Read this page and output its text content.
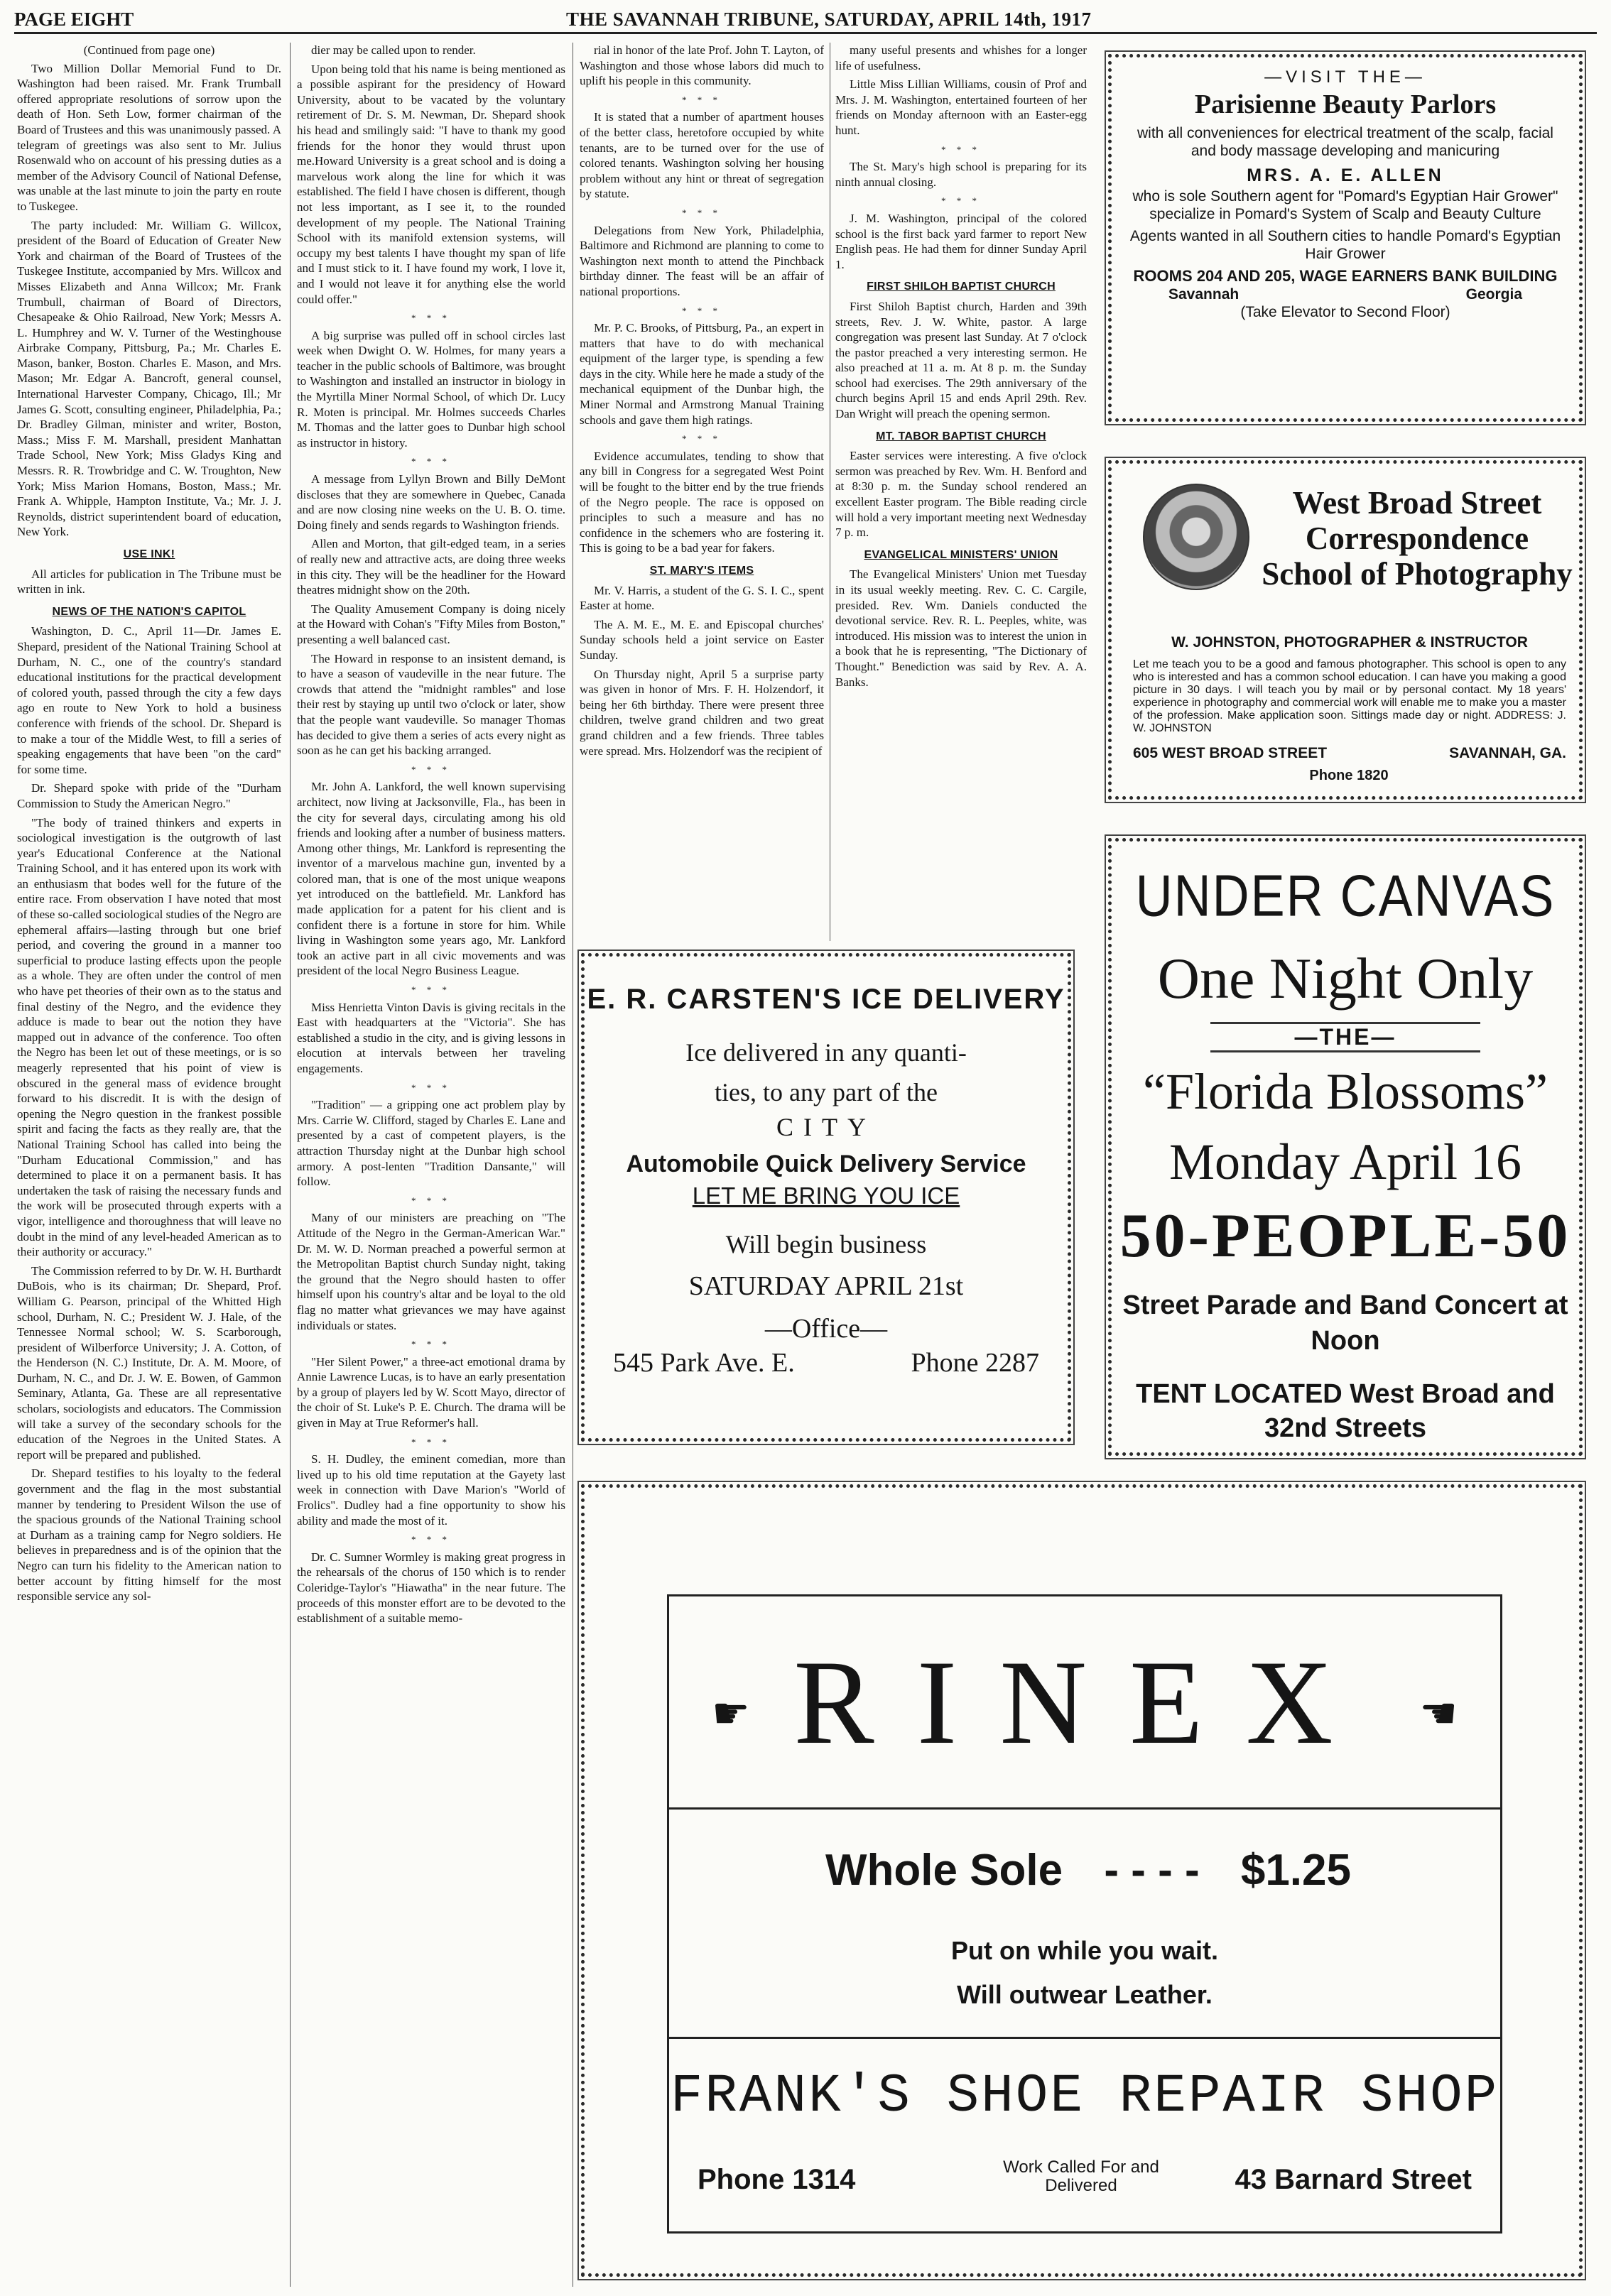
PAGE EIGHT	THE SAVANNAH TRIBUNE, SATURDAY, APRIL 14th, 1917

(Continued from page one)

Two Million Dollar Memorial Fund to Dr. Washington had been raised. Mr. Frank Trumball offered appropriate resolutions of sorrow upon the death of Hon. Seth Low, former chairman of the Board of Trustees and this was unanimously passed. A telegram of greetings was also sent to Mr. Julius Rosenwald who on account of his pressing duties as a member of the Advisory Council of National Defense, was unable at the last minute to join the party en route to Tuskegee.

The party included: Mr. William G. Willcox, president of the Board of Education of Greater New York and chairman of the Board of Trustees of the Tuskegee Institute, accompanied by Mrs. Willcox and Misses Elizabeth and Anna Willcox; Mr. Frank Trumbull, chairman of Board of Directors, Chesapeake & Ohio Railroad, New York; Messrs A. L. Humphrey and W. V. Turner of the Westinghouse Airbrake Company, Pittsburg, Pa.; Mr. Charles E. Mason, banker, Boston. Charles E. Mason, and Mrs. Mason; Mr. Edgar A. Bancroft, general counsel, International Harvester Company, Chicago, Ill.; Mr James G. Scott, consulting engineer, Philadelphia, Pa.; Dr. Bradley Gilman, minister and writer, Boston, Mass.; Miss F. M. Marshall, president Manhattan Trade School, New York; Miss Gladys King and Messrs. R. R. Trowbridge and C. W. Troughton, New York; Miss Marion Homans, Boston, Mass.; Mr. Frank A. Whipple, Hampton Institute, Va.; Mr. J. J. Reynolds, district superintendent board of education, New York.

USE INK!

All articles for publication in The Tribune must be written in ink.

NEWS OF THE NATION'S CAPITOL

Washington, D. C., April 11—Dr. James E. Shepard, president of the National Training School at Durham, N. C., one of the country's standard educational institutions for the practical development of colored youth, passed through the city a few days ago en route to New York to hold a business conference with friends of the school. Dr. Shepard is to make a tour of the Middle West, to fill a series of speaking engagements that have been "on the card" for some time.

Dr. Shepard spoke with pride of the "Durham Commission to Study the American Negro."

"The body of trained thinkers and experts in sociological investigation is the outgrowth of last year's Educational Conference at the National Training School, and it has entered upon its work with an enthusiasm that bodes well for the future of the entire race. From observation I have noted that most of these so-called sociological studies of the Negro are ephemeral affairs—lasting through but one brief period, and covering the ground in a manner too superficial to produce lasting effects upon the people as a whole. They are often under the control of men who have pet theories of their own as to the status and final destiny of the Negro, and the evidence they adduce is made to bear out the notion they have mapped out in advance of the conference. Too often the Negro has been let out of these meetings, or is so meagerly represented that his point of view is obscured in the general mass of evidence brought forward to his discredit. It is with the design of opening the Negro question in the frankest possible spirit and facing the facts as they really are, that the National Training School has called into being the "Durham Educational Commission," and has determined to place it on a permanent basis. It has undertaken the task of raising the necessary funds and the work will be prosecuted through experts with a vigor, intelligence and thoroughness that will leave no doubt in the mind of any level-headed American as to their authority or accuracy."

The Commission referred to by Dr. W. H. Burthardt DuBois, who is its chairman; Dr. Shepard, Prof. William G. Pearson, principal of the Whitted High school, Durham, N. C.; President W. J. Hale, of the Tennessee Normal school; W. S. Scarborough, president of Wilberforce University; J. A. Cotton, of the Henderson (N. C.) Institute, Dr. A. M. Moore, of Durham, N. C., and Dr. J. W. E. Bowen, of Gammon Seminary, Atlanta, Ga. These are all representative scholars, sociologists and educators. The Commission will take a survey of the secondary schools for the education of the Negroes in the United States. A report will be prepared and published.

Dr. Shepard testifies to his loyalty to the federal government and the flag in the most substantial manner by tendering to President Wilson the use of the spacious grounds of the National Training school at Durham as a training camp for Negro soldiers. He believes in preparedness and is of the opinion that the Negro can turn his fidelity to the American nation to better account by fitting himself for the most responsible service any sol-

dier may be called upon to render.

Upon being told that his name is being mentioned as a possible aspirant for the presidency of Howard University, about to be vacated by the voluntary retirement of Dr. S. M. Newman, Dr. Shepard shook his head and smilingly said: "I have to thank my good friends for the honor they would thrust upon me.Howard University is a great school and is doing a marvelous work along the line for which it was established. The field I have chosen is different, though not less important, as I see it, to the rounded development of my people. The National Training School with its manifold extension systems, will occupy my best talents I have thought my span of life and I must stick to it. I have found my work, I love it, and I would not leave it for anything else the world could offer."

* * *

A big surprise was pulled off in school circles last week when Dwight O. W. Holmes, for many years a teacher in the public schools of Baltimore, was brought to Washington and installed an instructor in biology in the Myrtilla Miner Normal School, of which Dr. Lucy R. Moten is principal. Mr. Holmes succeeds Charles M. Thomas and the latter goes to Dunbar high school as instructor in history.

* * *

A message from Lyllyn Brown and Billy DeMont discloses that they are somewhere in Quebec, Canada and are now closing nine weeks on the U. B. O. time. Doing finely and sends regards to Washington friends.

Allen and Morton, that gilt-edged team, in a series of really new and attractive acts, are doing three weeks in this city. They will be the headliner for the Howard theatres midnight show on the 20th.

The Quality Amusement Company is doing nicely at the Howard with Cohan's "Fifty Miles from Boston," presenting a well balanced cast.

The Howard in response to an insistent demand, is to have a season of vaudeville in the near future. The crowds that attend the "midnight rambles" and lose their rest by staying up until two o'clock or later, show that the people want vaudeville. So manager Thomas has decided to give them a series of acts every night as soon as he can get his backing arranged.

* * *

Mr. John A. Lankford, the well known supervising architect, now living at Jacksonville, Fla., has been in the city for several days, circulating among his old friends and looking after a number of business matters. Among other things, Mr. Lankford is representing the inventor of a marvelous machine gun, invented by a colored man, that is one of the most unique weapons yet introduced on the battlefield. Mr. Lankford has made application for a patent for his client and is confident there is a fortune in store for him. While living in Washington some years ago, Mr. Lankford took an active part in all civic movements and was president of the local Negro Business League.

* * *

Miss Henrietta Vinton Davis is giving recitals in the East with headquarters at the "Victoria". She has established a studio in the city, and is giving lessons in elocution at intervals between her traveling engagements.

* * *

"Tradition" — a gripping one act problem play by Mrs. Carrie W. Clifford, staged by Charles E. Lane and presented by a cast of competent players, is the attraction Thursday night at the Dunbar high school armory. A post-lenten "Tradition Dansante," will follow.

* * *

Many of our ministers are preaching on "The Attitude of the Negro in the German-American War." Dr. M. W. D. Norman preached a powerful sermon at the Metropolitan Baptist church Sunday night, taking the ground that the Negro should hasten to offer himself upon his country's altar and be loyal to the old flag no matter what grievances we may have against individuals or states.

* * *

"Her Silent Power," a three-act emotional drama by Annie Lawrence Lucas, is to have an early presentation by a group of players led by W. Scott Mayo, director of the choir of St. Luke's P. E. Church. The drama will be given in May at True Reformer's hall.

* * *

S. H. Dudley, the eminent comedian, more than lived up to his old time reputation at the Gayety last week in connection with Dave Marion's "World of Frolics". Dudley had a fine opportunity to show his ability and made the most of it.

* * *

Dr. C. Sumner Wormley is making great progress in the rehearsals of the chorus of 150 which is to render Coleridge-Taylor's "Hiawatha" in the near future. The proceeds of this monster effort are to be devoted to the establishment of a suitable memo-

rial in honor of the late Prof. John T. Layton, of Washington and those whose labors did much to uplift his people in this community.

* * *

It is stated that a number of apartment houses of the better class, heretofore occupied by white tenants, are to be turned over for the use of colored tenants. Washington solving her housing problem without any hint or threat of segregation by statute.

* * *

Delegations from New York, Philadelphia, Baltimore and Richmond are planning to come to Washington next month to attend the Pinchback birthday dinner. The feast will be an affair of national proportions.

* * *

Mr. P. C. Brooks, of Pittsburg, Pa., an expert in matters that have to do with mechanical equipment of the larger type, is spending a few days in the city. While here he made a study of the mechanical equipment of the Dunbar high, the Miner Normal and Armstrong Manual Training schools and gave them high ratings.

* * *

Evidence accumulates, tending to show that any bill in Congress for a segregated West Point will be fought to the bitter end by the true friends of the Negro people. The race is opposed on principles to such a measure and has no confidence in the schemers who are fostering it. This is going to be a bad year for fakers.

ST. MARY'S ITEMS

Mr. V. Harris, a student of the G. S. I. C., spent Easter at home.

The A. M. E., M. E. and Episcopal churches' Sunday schools held a joint service on Easter Sunday.

On Thursday night, April 5 a surprise party was given in honor of Mrs. F. H. Holzendorf, it being her 6th birthday. There were present three children, twelve grand children and two great grand children and a few friends. Three tables were spread. Mrs. Holzendorf was the recipient of

many useful presents and whishes for a longer life of usefulness.

Little Miss Lillian Williams, cousin of Prof and Mrs. J. M. Washington, entertained fourteen of her friends on Monday afternoon with an Easter-egg hunt.

* * *

The St. Mary's high school is preparing for its ninth annual closing.

* * *

J. M. Washington, principal of the colored school is the first back yard farmer to report New English peas. He had them for dinner Sunday April 1.

FIRST SHILOH BAPTIST CHURCH

First Shiloh Baptist church, Harden and 39th streets, Rev. J. W. White, pastor. A large congregation was present last Sunday. At 7 o'clock the pastor preached a very interesting sermon. He also preached at 11 a. m. At 8 p. m. the Sunday school had exercises. The 29th anniversary of the church begins April 15 and ends April 29th. Rev. Dan Wright will preach the opening sermon.

MT. TABOR BAPTIST CHURCH

Easter services were interesting. A five o'clock sermon was preached by Rev. Wm. H. Benford and at 8:30 p. m. the Sunday school rendered an excellent Easter program. The Bible reading circle will hold a very important meeting next Wednesday 7 p. m.

EVANGELICAL MINISTERS' UNION

The Evangelical Ministers' Union met Tuesday in its usual weekly meeting. Rev. C. C. Cargile, presided. Rev. Wm. Daniels conducted the devotional service. Rev. R. L. Peeples, white, was introduced. His mission was to interest the union in a book that he is representing, "The Dictionary of Thought." Benediction was said by Rev. A. A. Banks.

—VISIT THE—
Parisienne Beauty Parlors
with all conveniences for electrical treatment of the scalp, facial and body massage developing and manicuring
MRS. A. E. ALLEN
who is sole Southern agent for "Pomard's Egyptian Hair Grower" specialize in Pomard's System of Scalp and Beauty Culture
Agents wanted in all Southern cities to handle Pomard's Egyptian Hair Grower
ROOMS 204 AND 205, WAGE EARNERS BANK BUILDING
Savannah	Georgia
(Take Elevator to Second Floor)
West Broad Street Correspondence School of Photography
W. JOHNSTON, PHOTOGRAPHER & INSTRUCTOR
Let me teach you to be a good and famous photographer. This school is open to any who is interested and has a common school education. I can have you making a good picture in 30 days. I will teach you by mail or by personal contact. My 18 years' experience in photography and commercial work will enable me to make you a master of the profession. Make application soon. Sittings made day or night. ADDRESS: J. W. JOHNSTON
605 WEST BROAD STREET	SAVANNAH, GA.
Phone 1820
UNDER CANVAS
One Night Only
—THE—
“Florida Blossoms”
Monday April 16
50-PEOPLE-50
Street Parade and Band Concert at Noon
TENT LOCATED West Broad and 32nd Streets
E. R. CARSTEN'S ICE DELIVERY
Ice delivered in any quanti-
ties, to any part of the
CITY
Automobile Quick Delivery Service
LET ME BRING YOU ICE
Will begin business
SATURDAY APRIL 21st
—Office—
545 Park Ave. E.	Phone 2287
☛ RINEX	☚
Whole Sole - - - - $1.25
Put on while you wait.
Will outwear Leather.
FRANK'S SHOE REPAIR SHOP
Phone 1314	Work Called For and Delivered	43 Barnard Street
